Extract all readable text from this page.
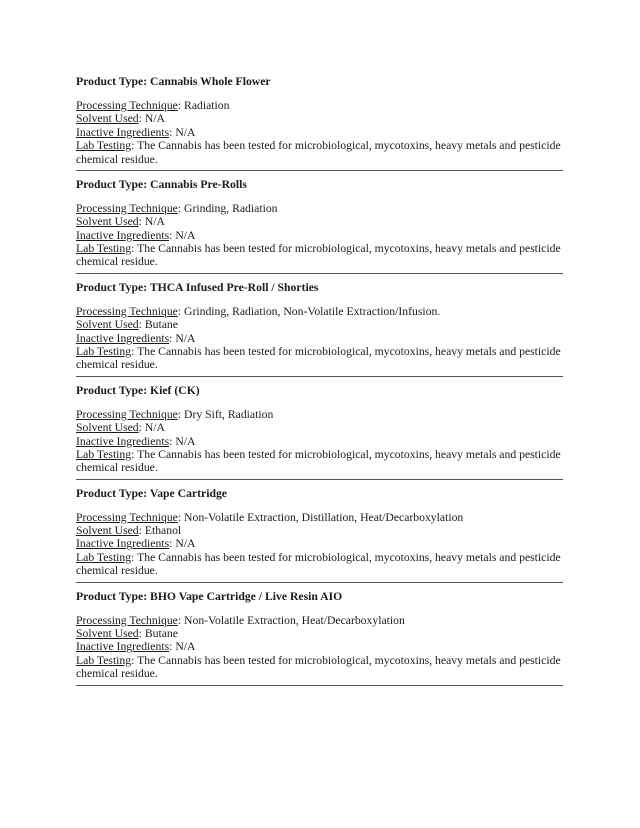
Product Type: Cannabis Whole Flower

Processing Technique: Radiation

Solvent Used: N/A

Inactive Ingredients: N/A

Lab Testing: The Cannabis has been tested for microbiological, mycotoxins, heavy metals and pesticide chemical residue.

Product Type: Cannabis Pre-Rolls

Processing Technique: Grinding, Radiation

Solvent Used: N/A

Inactive Ingredients: N/A

Lab Testing: The Cannabis has been tested for microbiological, mycotoxins, heavy metals and pesticide chemical residue.

Product Type: THCA Infused Pre-Roll / Shorties

Processing Technique: Grinding, Radiation, Non-Volatile Extraction/Infusion.

Solvent Used: Butane

Inactive Ingredients: N/A

Lab Testing: The Cannabis has been tested for microbiological, mycotoxins, heavy metals and pesticide chemical residue.

Product Type: Kief (CK)

Processing Technique: Dry Sift, Radiation

Solvent Used: N/A

Inactive Ingredients: N/A

Lab Testing: The Cannabis has been tested for microbiological, mycotoxins, heavy metals and pesticide chemical residue.

Product Type: Vape Cartridge

Processing Technique: Non-Volatile Extraction, Distillation, Heat/Decarboxylation

Solvent Used: Ethanol

Inactive Ingredients: N/A

Lab Testing: The Cannabis has been tested for microbiological, mycotoxins, heavy metals and pesticide chemical residue.

Product Type: BHO Vape Cartridge / Live Resin AIO

Processing Technique: Non-Volatile Extraction, Heat/Decarboxylation

Solvent Used: Butane

Inactive Ingredients: N/A

Lab Testing: The Cannabis has been tested for microbiological, mycotoxins, heavy metals and pesticide chemical residue.
